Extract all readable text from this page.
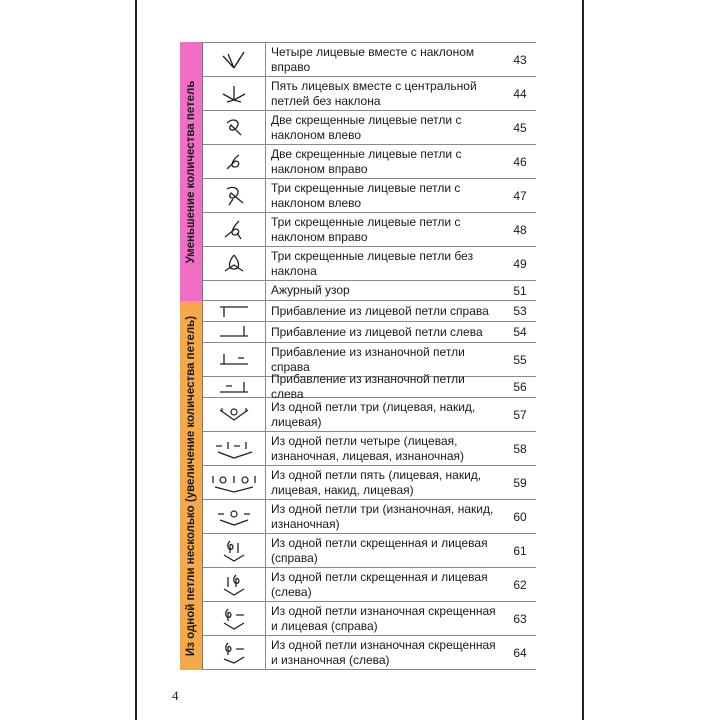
Уменьшение количества петель
Четыре лицевые вместе с наклоном вправо	43
Пять лицевых вместе с центральной петлей без наклона	44
Две скрещенные лицевые петли с наклоном влево	45
Две скрещенные лицевые петли с наклоном вправо	46
Три скрещенные лицевые петли с наклоном влево	47
Три скрещенные лицевые петли с наклоном вправо	48
Три скрещенные лицевые петли без наклона	49
Ажурный узор	51
Из одной петли несколько (увеличение количества петель)
Прибавление из лицевой петли справа	53
Прибавление из лицевой петли слева	54
Прибавление из изнаночной петли справа	55
Прибавление из изнаночной петли слева	56
Из одной петли три (лицевая, накид, лицевая)	57
Из одной петли четыре (лицевая, изнаночная, лицевая, изнаночная)	58
Из одной петли пять (лицевая, накид, лицевая, накид, лицевая)	59
Из одной петли три (изнаночная, накид, изнаночная)	60
Из одной петли скрещенная и лицевая (справа)	61
Из одной петли скрещенная и лицевая (слева)	62
Из одной петли изнаночная скрещенная и лицевая (справа)	63
Из одной петли изнаночная скрещенная и изнаночная (слева)	64
4
